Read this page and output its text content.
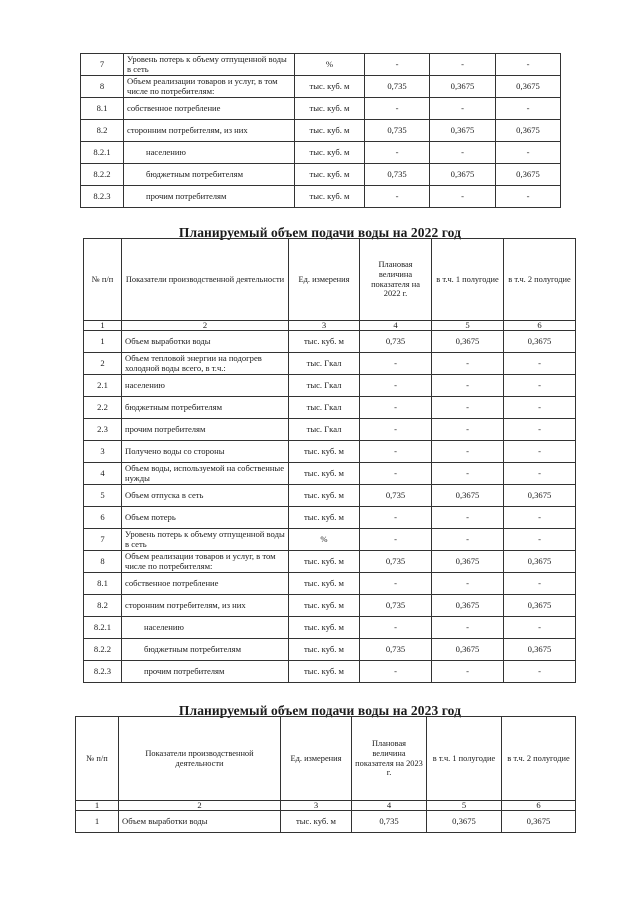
7	Уровень потерь к объему отпущенной воды в сеть	%	-	-	-
8	Объем реализации товаров и услуг, в том числе по потребителям:	тыс. куб. м	0,735	0,3675	0,3675
8.1	собственное потребление	тыс. куб. м	-	-	-
8.2	сторонним потребителям, из них	тыс. куб. м	0,735	0,3675	0,3675
8.2.1	населению	тыс. куб. м	-	-	-
8.2.2	бюджетным потребителям	тыс. куб. м	0,735	0,3675	0,3675
8.2.3	прочим потребителям	тыс. куб. м	-	-	-
Планируемый объем подачи воды на 2022 год
№ п/п	Показатели производственной деятельности	Ед. измерения	Плановая величина показателя на 2022 г.	в т.ч. 1 полугодие	в т.ч. 2 полугодие
1	2	3	4	5	6
1	Объем выработки воды	тыс. куб. м	0,735	0,3675	0,3675
2	Объем тепловой энергии на подогрев холодной воды всего, в т.ч.:	тыс. Гкал	-	-	-
2.1	населению	тыс. Гкал	-	-	-
2.2	бюджетным потребителям	тыс. Гкал	-	-	-
2.3	прочим потребителям	тыс. Гкал	-	-	-
3	Получено воды со стороны	тыс. куб. м	-	-	-
4	Объем воды, используемой на собственные нужды	тыс. куб. м	-	-	-
5	Объем отпуска в сеть	тыс. куб. м	0,735	0,3675	0,3675
6	Объем потерь	тыс. куб. м	-	-	-
7	Уровень потерь к объему отпущенной воды в сеть	%	-	-	-
8	Объем реализации товаров и услуг, в том числе по потребителям:	тыс. куб. м	0,735	0,3675	0,3675
8.1	собственное потребление	тыс. куб. м	-	-	-
8.2	сторонним потребителям, из них	тыс. куб. м	0,735	0,3675	0,3675
8.2.1	населению	тыс. куб. м	-	-	-
8.2.2	бюджетным потребителям	тыс. куб. м	0,735	0,3675	0,3675
8.2.3	прочим потребителям	тыс. куб. м	-	-	-
Планируемый объем подачи воды на 2023 год
№ п/п	Показатели производственной деятельности	Ед. измерения	Плановая величина показателя на 2023 г.	в т.ч. 1 полугодие	в т.ч. 2 полугодие
1	2	3	4	5	6
1	Объем выработки воды	тыс. куб. м	0,735	0,3675	0,3675
